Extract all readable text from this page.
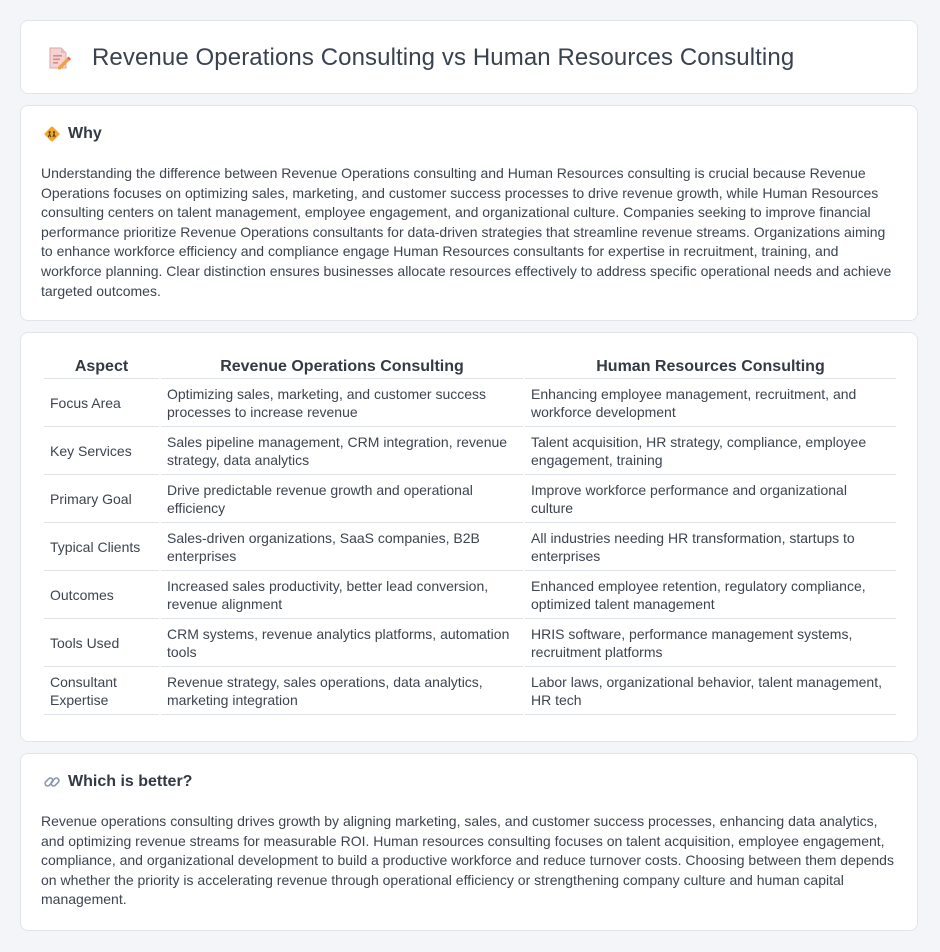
Revenue Operations Consulting vs Human Resources Consulting
Why

Understanding the difference between Revenue Operations consulting and Human Resources consulting is crucial because Revenue Operations focuses on optimizing sales, marketing, and customer success processes to drive revenue growth, while Human Resources consulting centers on talent management, employee engagement, and organizational culture. Companies seeking to improve financial performance prioritize Revenue Operations consultants for data-driven strategies that streamline revenue streams. Organizations aiming to enhance workforce efficiency and compliance engage Human Resources consultants for expertise in recruitment, training, and workforce planning. Clear distinction ensures businesses allocate resources effectively to address specific operational needs and achieve targeted outcomes.

Aspect	Revenue Operations Consulting	Human Resources Consulting
Focus Area	Optimizing sales, marketing, and customer success processes to increase revenue	Enhancing employee management, recruitment, and workforce development
Key Services	Sales pipeline management, CRM integration, revenue strategy, data analytics	Talent acquisition, HR strategy, compliance, employee engagement, training
Primary Goal	Drive predictable revenue growth and operational efficiency	Improve workforce performance and organizational culture
Typical Clients	Sales-driven organizations, SaaS companies, B2B enterprises	All industries needing HR transformation, startups to enterprises
Outcomes	Increased sales productivity, better lead conversion, revenue alignment	Enhanced employee retention, regulatory compliance, optimized talent management
Tools Used	CRM systems, revenue analytics platforms, automation tools	HRIS software, performance management systems, recruitment platforms
Consultant Expertise	Revenue strategy, sales operations, data analytics, marketing integration	Labor laws, organizational behavior, talent management, HR tech
Which is better?

Revenue operations consulting drives growth by aligning marketing, sales, and customer success processes, enhancing data analytics, and optimizing revenue streams for measurable ROI. Human resources consulting focuses on talent acquisition, employee engagement, compliance, and organizational development to build a productive workforce and reduce turnover costs. Choosing between them depends on whether the priority is accelerating revenue through operational efficiency or strengthening company culture and human capital management.
